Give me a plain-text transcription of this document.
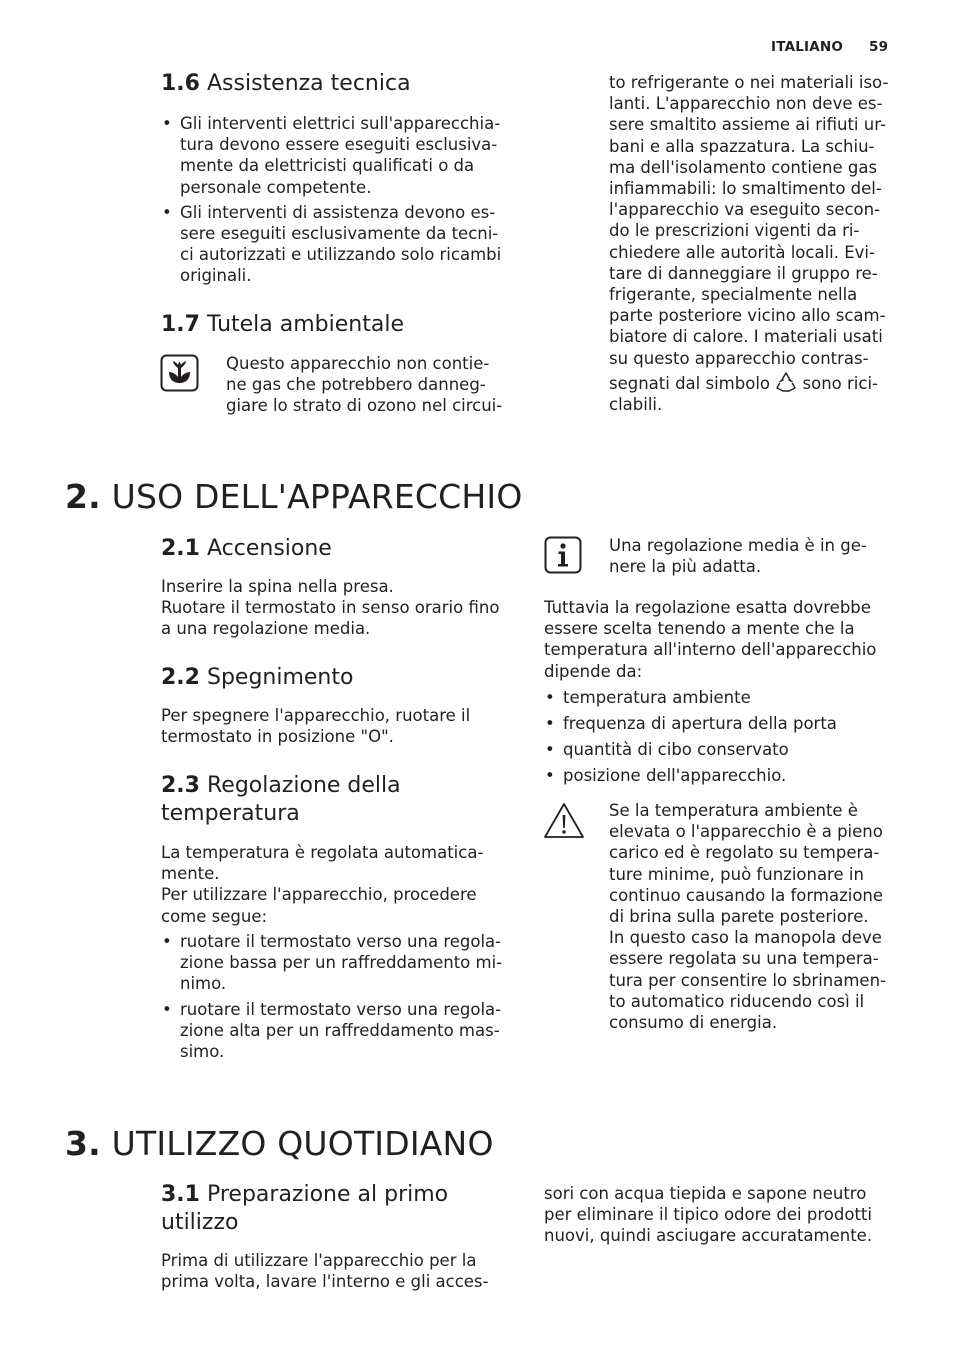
ITALIANO 59
1.6 Assistenza tecnica
• Gli interventi elettrici sull'apparecchia-
tura devono essere eseguiti esclusiva-
mente da elettricisti qualificati o da
personale competente.
• Gli interventi di assistenza devono es-
sere eseguiti esclusivamente da tecni-
ci autorizzati e utilizzando solo ricambi
originali.
1.7 Tutela ambientale
Questo apparecchio non contie-
ne gas che potrebbero danneg-
giare lo strato di ozono nel circui-
to refrigerante o nei materiali iso-
lanti. L'apparecchio non deve es-
sere smaltito assieme ai rifiuti ur-
bani e alla spazzatura. La schiu-
ma dell'isolamento contiene gas
infiammabili: lo smaltimento del-
l'apparecchio va eseguito secon-
do le prescrizioni vigenti da ri-
chiedere alle autorità locali. Evi-
tare di danneggiare il gruppo re-
frigerante, specialmente nella
parte posteriore vicino allo scam-
biatore di calore. I materiali usati
su questo apparecchio contras-
segnati dal simbolo sono rici-
clabili.
2. USO DELL'APPARECCHIO
2.1 Accensione
Inserire la spina nella presa.
Ruotare il termostato in senso orario fino
a una regolazione media.
2.2 Spegnimento
Per spegnere l'apparecchio, ruotare il
termostato in posizione "O".
2.3 Regolazione della
temperatura
La temperatura è regolata automatica-
mente.
Per utilizzare l'apparecchio, procedere
come segue:
• ruotare il termostato verso una regola-
zione bassa per un raffreddamento mi-
nimo.
• ruotare il termostato verso una regola-
zione alta per un raffreddamento mas-
simo.
Una regolazione media è in ge-
nere la più adatta.
Tuttavia la regolazione esatta dovrebbe
essere scelta tenendo a mente che la
temperatura all'interno dell'apparecchio
dipende da:
• temperatura ambiente
• frequenza di apertura della porta
• quantità di cibo conservato
• posizione dell'apparecchio.
Se la temperatura ambiente è
elevata o l'apparecchio è a pieno
carico ed è regolato su tempera-
ture minime, può funzionare in
continuo causando la formazione
di brina sulla parete posteriore.
In questo caso la manopola deve
essere regolata su una tempera-
tura per consentire lo sbrinamen-
to automatico riducendo così il
consumo di energia.
3. UTILIZZO QUOTIDIANO
3.1 Preparazione al primo
utilizzo
Prima di utilizzare l'apparecchio per la
prima volta, lavare l'interno e gli acces-
sori con acqua tiepida e sapone neutro
per eliminare il tipico odore dei prodotti
nuovi, quindi asciugare accuratamente.
